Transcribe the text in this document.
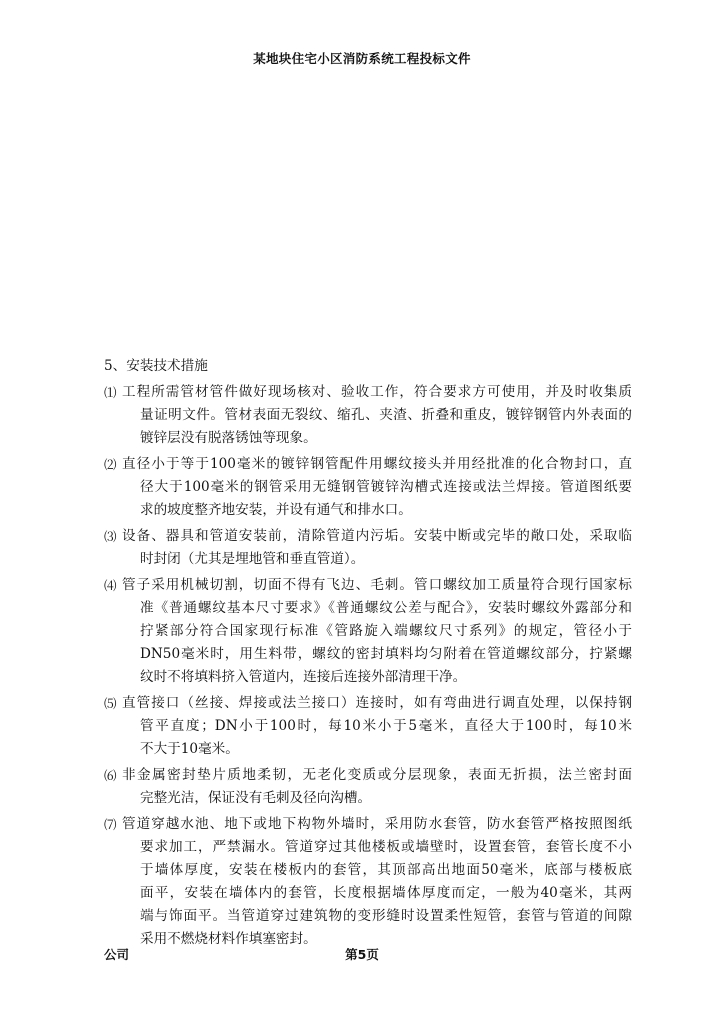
某地块住宅小区消防系统工程投标文件
5、安装技术措施
⑴ 工程所需管材管件做好现场核对、验收工作，符合要求方可使用，并及时收集质
量证明文件。管材表面无裂纹、缩孔、夹渣、折叠和重皮，镀锌钢管内外表面的
镀锌层没有脱落锈蚀等现象。
⑵ 直径小于等于100毫米的镀锌钢管配件用螺纹接头并用经批准的化合物封口，直
径大于100毫米的钢管采用无缝钢管镀锌沟槽式连接或法兰焊接。管道图纸要
求的坡度整齐地安装，并设有通气和排水口。
⑶ 设备、器具和管道安装前，清除管道内污垢。安装中断或完毕的敞口处，采取临
时封闭（尤其是埋地管和垂直管道）。
⑷ 管子采用机械切割，切面不得有飞边、毛刺。管口螺纹加工质量符合现行国家标
准《普通螺纹基本尺寸要求》《普通螺纹公差与配合》，安装时螺纹外露部分和
拧紧部分符合国家现行标准《管路旋入端螺纹尺寸系列》的规定，管径小于
DN50毫米时，用生料带，螺纹的密封填料均匀附着在管道螺纹部分，拧紧螺
纹时不将填料挤入管道内，连接后连接外部清理干净。
⑸ 直管接口（丝接、焊接或法兰接口）连接时，如有弯曲进行调直处理，以保持钢
管平直度；DN小于100时，每10米小于5毫米，直径大于100时，每10米
不大于10毫米。
⑹ 非金属密封垫片质地柔韧，无老化变质或分层现象，表面无折损，法兰密封面
完整光洁，保证没有毛刺及径向沟槽。
⑺ 管道穿越水池、地下或地下构物外墙时，采用防水套管，防水套管严格按照图纸
要求加工，严禁漏水。管道穿过其他楼板或墙壁时，设置套管，套管长度不小
于墙体厚度，安装在楼板内的套管，其顶部高出地面50毫米，底部与楼板底
面平，安装在墙体内的套管，长度根据墙体厚度而定，一般为40毫米，其两
端与饰面平。当管道穿过建筑物的变形缝时设置柔性短管，套管与管道的间隙
采用不燃烧材料作填塞密封。
公司	第5页
